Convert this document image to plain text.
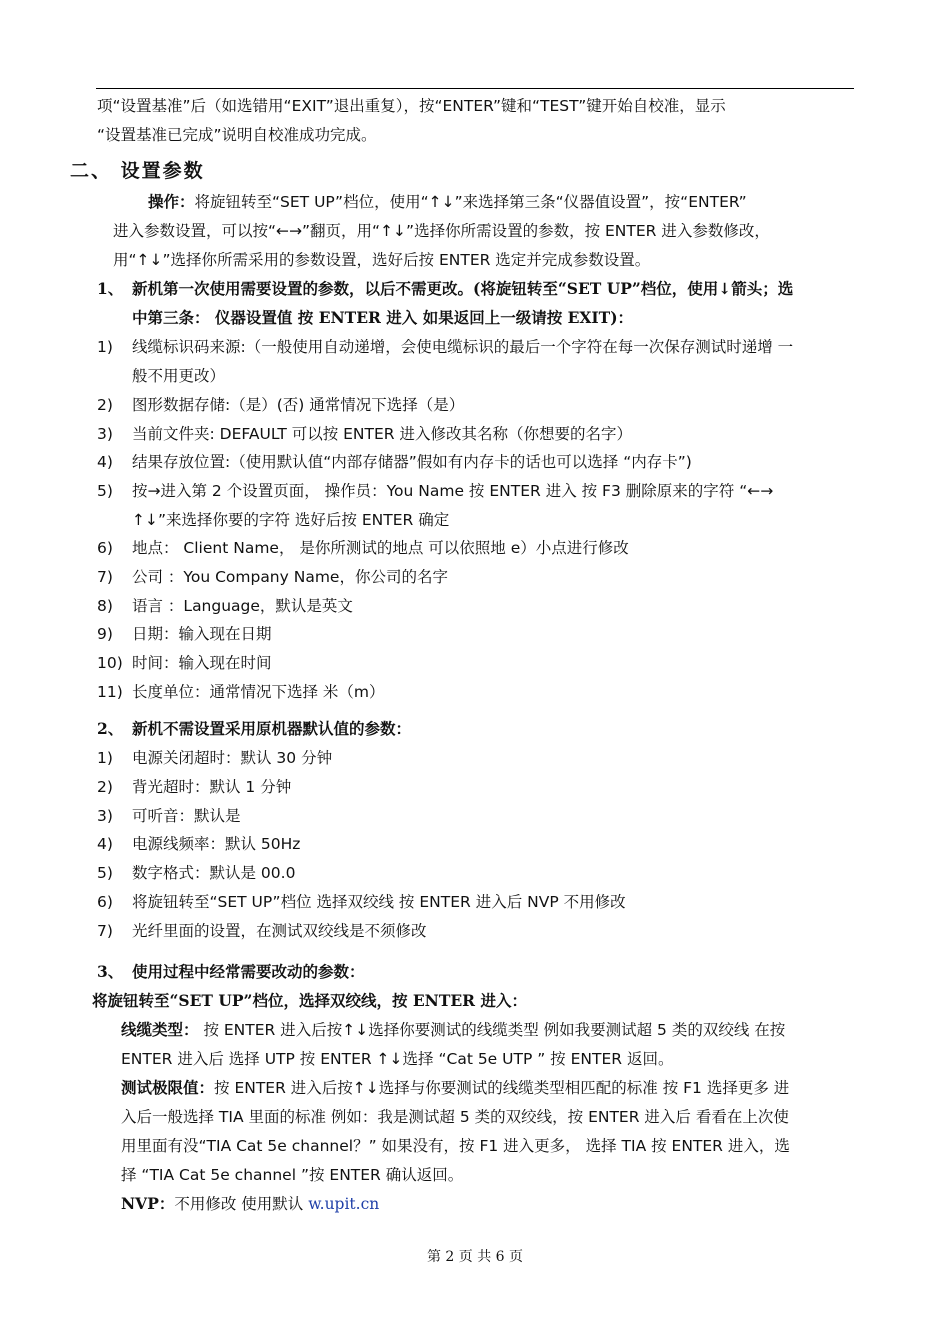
项“设置基准”后（如选错用“EXIT”退出重复），按“ENTER”键和“TEST”键开始自校准，显示
“设置基准已完成”说明自校准成功完成。
二、 设置参数
操作：将旋钮转至“SET UP”档位，使用“↑↓”来选择第三条“仪器值设置”，按“ENTER”
进入参数设置，可以按“←→”翻页，用“↑↓”选择你所需设置的参数，按 ENTER 进入参数修改，
用“↑↓”选择你所需采用的参数设置，选好后按 ENTER 选定并完成参数设置。
1、 新机第一次使用需要设置的参数，以后不需更改。(将旋钮转至“SET UP”档位，使用↓箭头；选
中第三条： 仪器设置值 按 ENTER 进入 如果返回上一级请按 EXIT)：
1) 线缆标识码来源:（一般使用自动递增，会使电缆标识的最后一个字符在每一次保存测试时递增 一
般不用更改）
2) 图形数据存储:（是）(否) 通常情况下选择（是）
3) 当前文件夹: DEFAULT 可以按 ENTER 进入修改其名称（你想要的名字）
4) 结果存放位置:（使用默认值“内部存储器”假如有内存卡的话也可以选择 “内存卡”)
5) 按→进入第 2 个设置页面， 操作员：You Name 按 ENTER 进入 按 F3 删除原来的字符 “←→
↑↓”来选择你要的字符 选好后按 ENTER 确定
6) 地点： Client Name， 是你所测试的地点 可以依照地 e）小点进行修改
7) 公司 ：You Company Name，你公司的名字
8) 语言 ：Language，默认是英文
9) 日期：输入现在日期
10) 时间：输入现在时间
11) 长度单位：通常情况下选择 米（m）
2、 新机不需设置采用原机器默认值的参数：
1) 电源关闭超时：默认 30 分钟
2) 背光超时：默认 1 分钟
3) 可听音：默认是
4) 电源线频率：默认 50Hz
5) 数字格式：默认是 00.0
6) 将旋钮转至“SET UP”档位 选择双绞线 按 ENTER 进入后 NVP 不用修改
7) 光纤里面的设置，在测试双绞线是不须修改
3、 使用过程中经常需要改动的参数：
将旋钮转至“SET UP”档位，选择双绞线，按 ENTER 进入：
线缆类型： 按 ENTER 进入后按↑↓选择你要测试的线缆类型 例如我要测试超 5 类的双绞线 在按
ENTER 进入后 选择 UTP 按 ENTER ↑↓选择 “Cat 5e UTP ” 按 ENTER 返回。
测试极限值：按 ENTER 进入后按↑↓选择与你要测试的线缆类型相匹配的标准 按 F1 选择更多 进
入后一般选择 TIA 里面的标准 例如：我是测试超 5 类的双绞线，按 ENTER 进入后 看看在上次使
用里面有没“TIA Cat 5e channel？” 如果没有，按 F1 进入更多， 选择 TIA 按 ENTER 进入，选
择 “TIA Cat 5e channel ”按 ENTER 确认返回。
NVP：不用修改 使用默认 w.upit.cn
第 2 页 共 6 页
